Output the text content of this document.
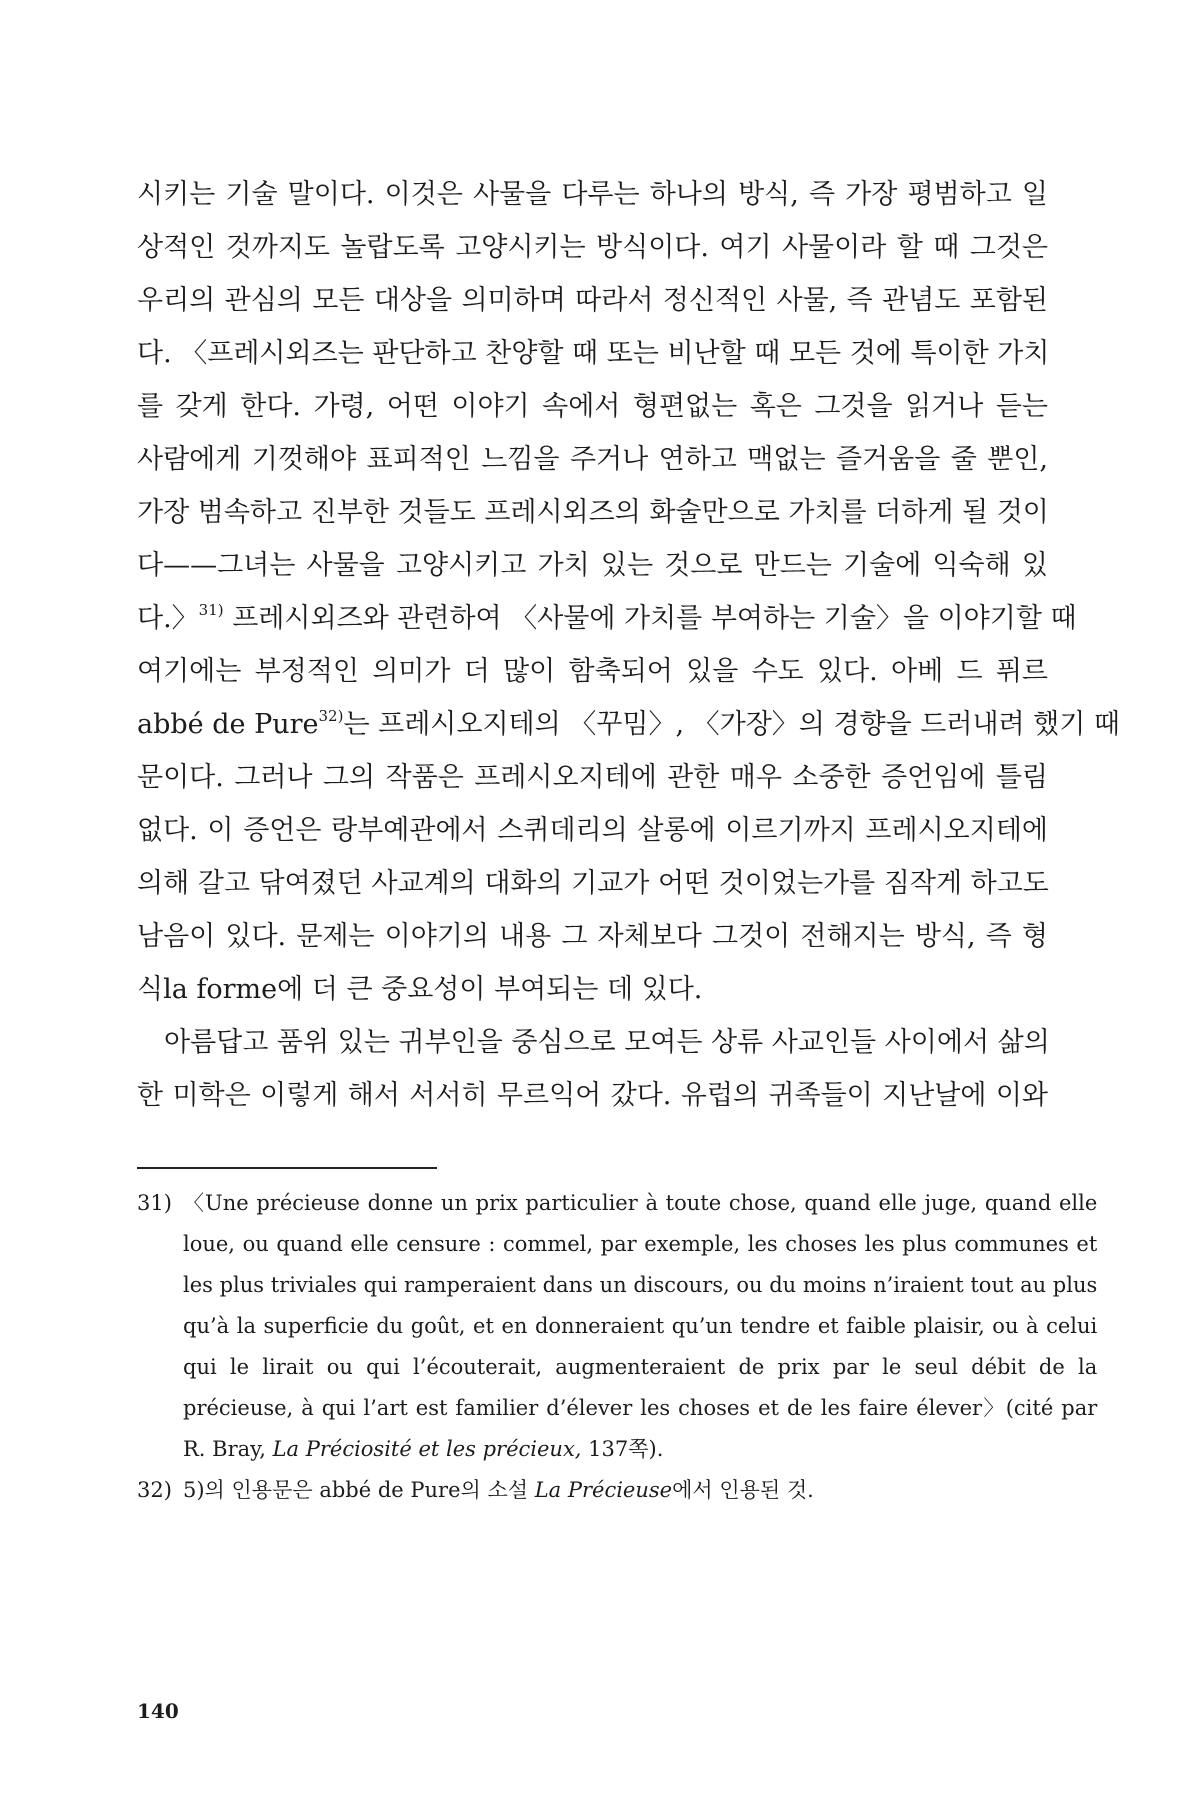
시키는 기술 말이다. 이것은 사물을 다루는 하나의 방식, 즉 가장 평범하고 일
상적인 것까지도 놀랍도록 고양시키는 방식이다. 여기 사물이라 할 때 그것은
우리의 관심의 모든 대상을 의미하며 따라서 정신적인 사물, 즉 관념도 포함된
다. 〈프레시외즈는 판단하고 찬양할 때 또는 비난할 때 모든 것에 특이한 가치
를 갖게 한다. 가령, 어떤 이야기 속에서 형편없는 혹은 그것을 읽거나 듣는
사람에게 기껏해야 표피적인 느낌을 주거나 연하고 맥없는 즐거움을 줄 뿐인,
가장 범속하고 진부한 것들도 프레시외즈의 화술만으로 가치를 더하게 될 것이
다——그녀는 사물을 고양시키고 가치 있는 것으로 만드는 기술에 익숙해 있
다.〉$^{31)}$ 프레시외즈와 관련하여 〈사물에 가치를 부여하는 기술〉을 이야기할 때
여기에는 부정적인 의미가 더 많이 함축되어 있을 수도 있다. 아베 드 퓌르
abbé de Pure$^{32)}$는 프레시오지테의 〈꾸밈〉, 〈가장〉의 경향을 드러내려 했기 때
문이다. 그러나 그의 작품은 프레시오지테에 관한 매우 소중한 증언임에 틀림
없다. 이 증언은 랑부예관에서 스퀴데리의 살롱에 이르기까지 프레시오지테에
의해 갈고 닦여졌던 사교계의 대화의 기교가 어떤 것이었는가를 짐작게 하고도
남음이 있다. 문제는 이야기의 내용 그 자체보다 그것이 전해지는 방식, 즉 형
식la forme에 더 큰 중요성이 부여되는 데 있다.
아름답고 품위 있는 귀부인을 중심으로 모여든 상류 사교인들 사이에서 삶의
한 미학은 이렇게 해서 서서히 무르익어 갔다. 유럽의 귀족들이 지난날에 이와
31) 〈Une précieuse donne un prix particulier à toute chose, quand elle juge, quand elle
loue, ou quand elle censure : commel, par exemple, les choses les plus communes et
les plus triviales qui ramperaient dans un discours, ou du moins n’iraient tout au plus
qu’à la superficie du goût, et en donneraient qu’un tendre et faible plaisir, ou à celui
qui le lirait ou qui l’écouterait, augmenteraient de prix par le seul débit de la
précieuse, à qui l’art est familier d’élever les choses et de les faire élever〉(cité par
R. Bray, La Préciosité et les précieux, 137쪽).
32) 5)의 인용문은 abbé de Pure의 소설 La Précieuse에서 인용된 것.
140
